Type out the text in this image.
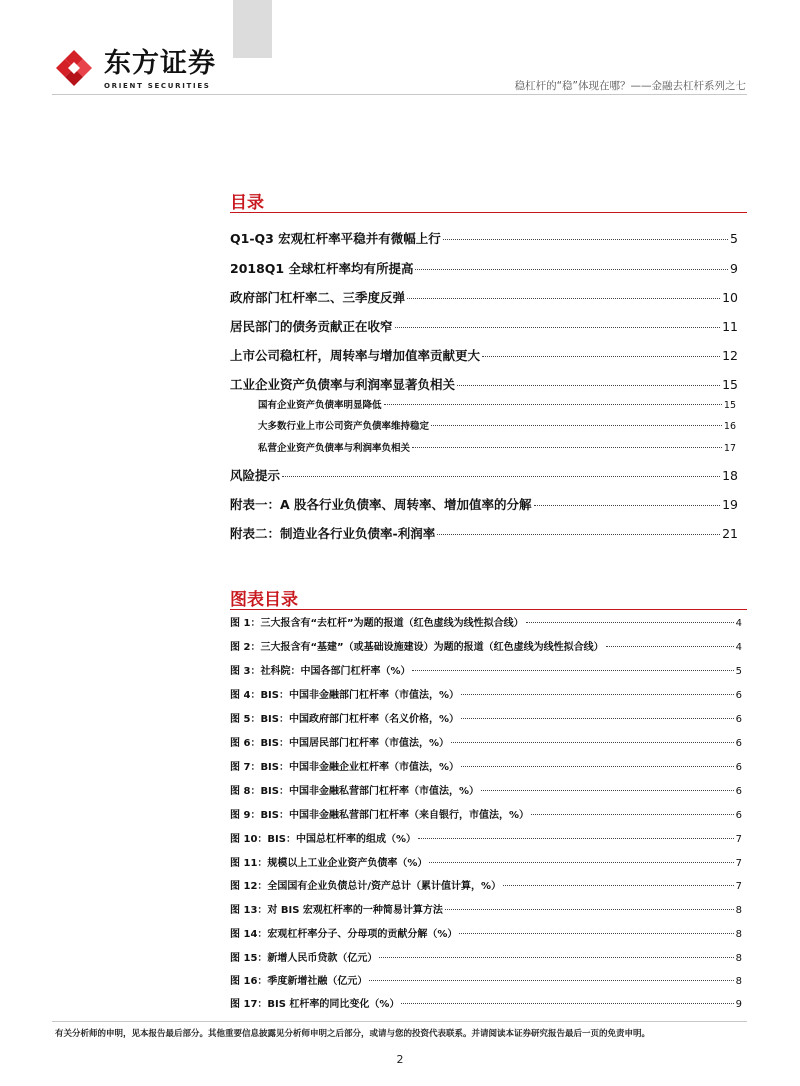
东方证券
ORIENT SECURITIES	稳杠杆的“稳”体现在哪？——金融去杠杆系列之七
目录
Q1-Q3 宏观杠杆率平稳并有微幅上行	5
2018Q1 全球杠杆率均有所提高	9
政府部门杠杆率二、三季度反弹	10
居民部门的债务贡献正在收窄	11
上市公司稳杠杆，周转率与增加值率贡献更大	12
工业企业资产负债率与利润率显著负相关	15
国有企业资产负债率明显降低	15
大多数行业上市公司资产负债率维持稳定	16
私营企业资产负债率与利润率负相关	17
风险提示	18
附表一：A 股各行业负债率、周转率、增加值率的分解	19
附表二：制造业各行业负债率-利润率	21
图表目录
图 1：三大报含有“去杠杆”为题的报道（红色虚线为线性拟合线）	4
图 2：三大报含有“基建”（或基础设施建设）为题的报道（红色虚线为线性拟合线）	4
图 3：社科院：中国各部门杠杆率（%）	5
图 4：BIS：中国非金融部门杠杆率（市值法，%）	6
图 5：BIS：中国政府部门杠杆率（名义价格，%）	6
图 6：BIS：中国居民部门杠杆率（市值法，%）	6
图 7：BIS：中国非金融企业杠杆率（市值法，%）	6
图 8：BIS：中国非金融私营部门杠杆率（市值法，%）	6
图 9：BIS：中国非金融私营部门杠杆率（来自银行，市值法，%）	6
图 10：BIS：中国总杠杆率的组成（%）	7
图 11：规模以上工业企业资产负债率（%）	7
图 12：全国国有企业负债总计/资产总计（累计值计算，%）	7
图 13：对 BIS 宏观杠杆率的一种简易计算方法	8
图 14：宏观杠杆率分子、分母项的贡献分解（%）	8
图 15：新增人民币贷款（亿元）	8
图 16：季度新增社融（亿元）	8
图 17：BIS 杠杆率的同比变化（%）	9
有关分析师的申明，见本报告最后部分。其他重要信息披露见分析师申明之后部分，或请与您的投资代表联系。并请阅读本证券研究报告最后一页的免责申明。
2
